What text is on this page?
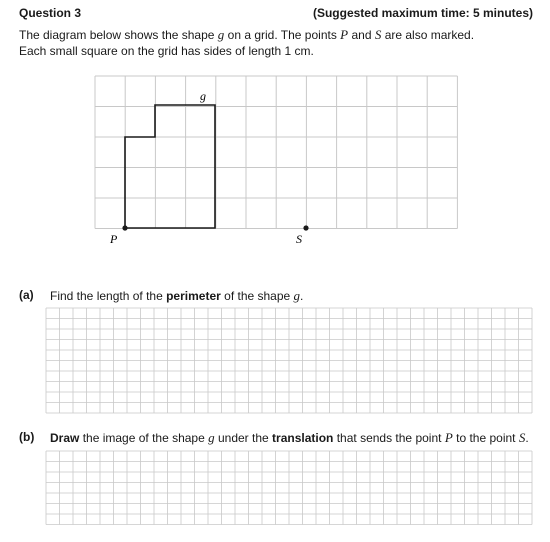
Question 3	(Suggested maximum time: 5 minutes)
The diagram below shows the shape g on a grid. The points P and S are also marked.
Each small square on the grid has sides of length 1 cm.
g
P	S
(a) Find the length of the perimeter of the shape g.
(b) Draw the image of the shape g under the translation that sends the point P to the point S.
